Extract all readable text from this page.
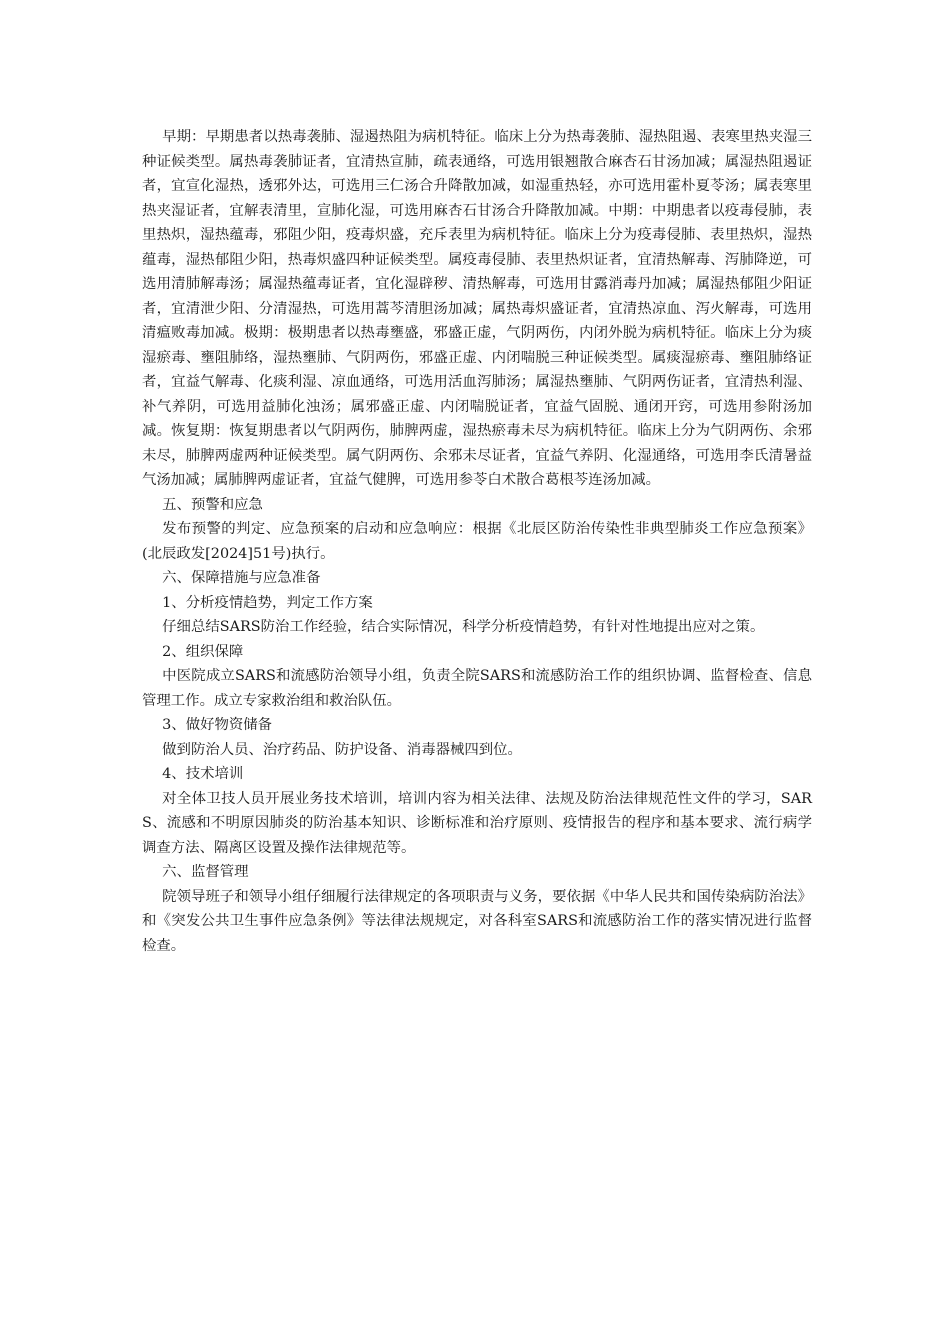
早期：早期患者以热毒袭肺、湿遏热阻为病机特征。临床上分为热毒袭肺、湿热阻遏、表寒里热夹湿三种证候类型。属热毒袭肺证者，宜清热宣肺，疏表通络，可选用银翘散合麻杏石甘汤加减；属湿热阻遏证者，宜宣化湿热，透邪外达，可选用三仁汤合升降散加减，如湿重热轻，亦可选用霍朴夏苓汤；属表寒里热夹湿证者，宜解表清里，宣肺化湿，可选用麻杏石甘汤合升降散加减。中期：中期患者以疫毒侵肺，表里热炽，湿热蕴毒，邪阻少阳，疫毒炽盛，充斥表里为病机特征。临床上分为疫毒侵肺、表里热炽，湿热蕴毒，湿热郁阻少阳，热毒炽盛四种证候类型。属疫毒侵肺、表里热炽证者，宜清热解毒、泻肺降逆，可选用清肺解毒汤；属湿热蕴毒证者，宜化湿辟秽、清热解毒，可选用甘露消毒丹加减；属湿热郁阻少阳证者，宜清泄少阳、分清湿热，可选用蒿芩清胆汤加减；属热毒炽盛证者，宜清热凉血、泻火解毒，可选用清瘟败毒加减。极期：极期患者以热毒壅盛，邪盛正虚，气阴两伤，内闭外脱为病机特征。临床上分为痰湿瘀毒、壅阻肺络，湿热壅肺、气阴两伤，邪盛正虚、内闭喘脱三种证候类型。属痰湿瘀毒、壅阻肺络证者，宜益气解毒、化痰利湿、凉血通络，可选用活血泻肺汤；属湿热壅肺、气阴两伤证者，宜清热利湿、补气养阴，可选用益肺化浊汤；属邪盛正虚、内闭喘脱证者，宜益气固脱、通闭开窍，可选用参附汤加减。恢复期：恢复期患者以气阴两伤，肺脾两虚，湿热瘀毒未尽为病机特征。临床上分为气阴两伤、余邪未尽，肺脾两虚两种证候类型。属气阴两伤、余邪未尽证者，宜益气养阴、化湿通络，可选用李氏清暑益气汤加减；属肺脾两虚证者，宜益气健脾，可选用参苓白术散合葛根芩连汤加减。

五、预警和应急

发布预警的判定、应急预案的启动和应急响应：根据《北辰区防治传染性非典型肺炎工作应急预案》(北辰政发[2024]51号)执行。

六、保障措施与应急准备

1、分析疫情趋势，判定工作方案

仔细总结SARS防治工作经验，结合实际情况，科学分析疫情趋势，有针对性地提出应对之策。

2、组织保障

中医院成立SARS和流感防治领导小组，负责全院SARS和流感防治工作的组织协调、监督检查、信息管理工作。成立专家救治组和救治队伍。

3、做好物资储备

做到防治人员、治疗药品、防护设备、消毒器械四到位。

4、技术培训

对全体卫技人员开展业务技术培训，培训内容为相关法律、法规及防治法律规范性文件的学习，SARS、流感和不明原因肺炎的防治基本知识、诊断标准和治疗原则、疫情报告的程序和基本要求、流行病学调查方法、隔离区设置及操作法律规范等。

六、监督管理

院领导班子和领导小组仔细履行法律规定的各项职责与义务，要依据《中华人民共和国传染病防治法》和《突发公共卫生事件应急条例》等法律法规规定，对各科室SARS和流感防治工作的落实情况进行监督检查。
